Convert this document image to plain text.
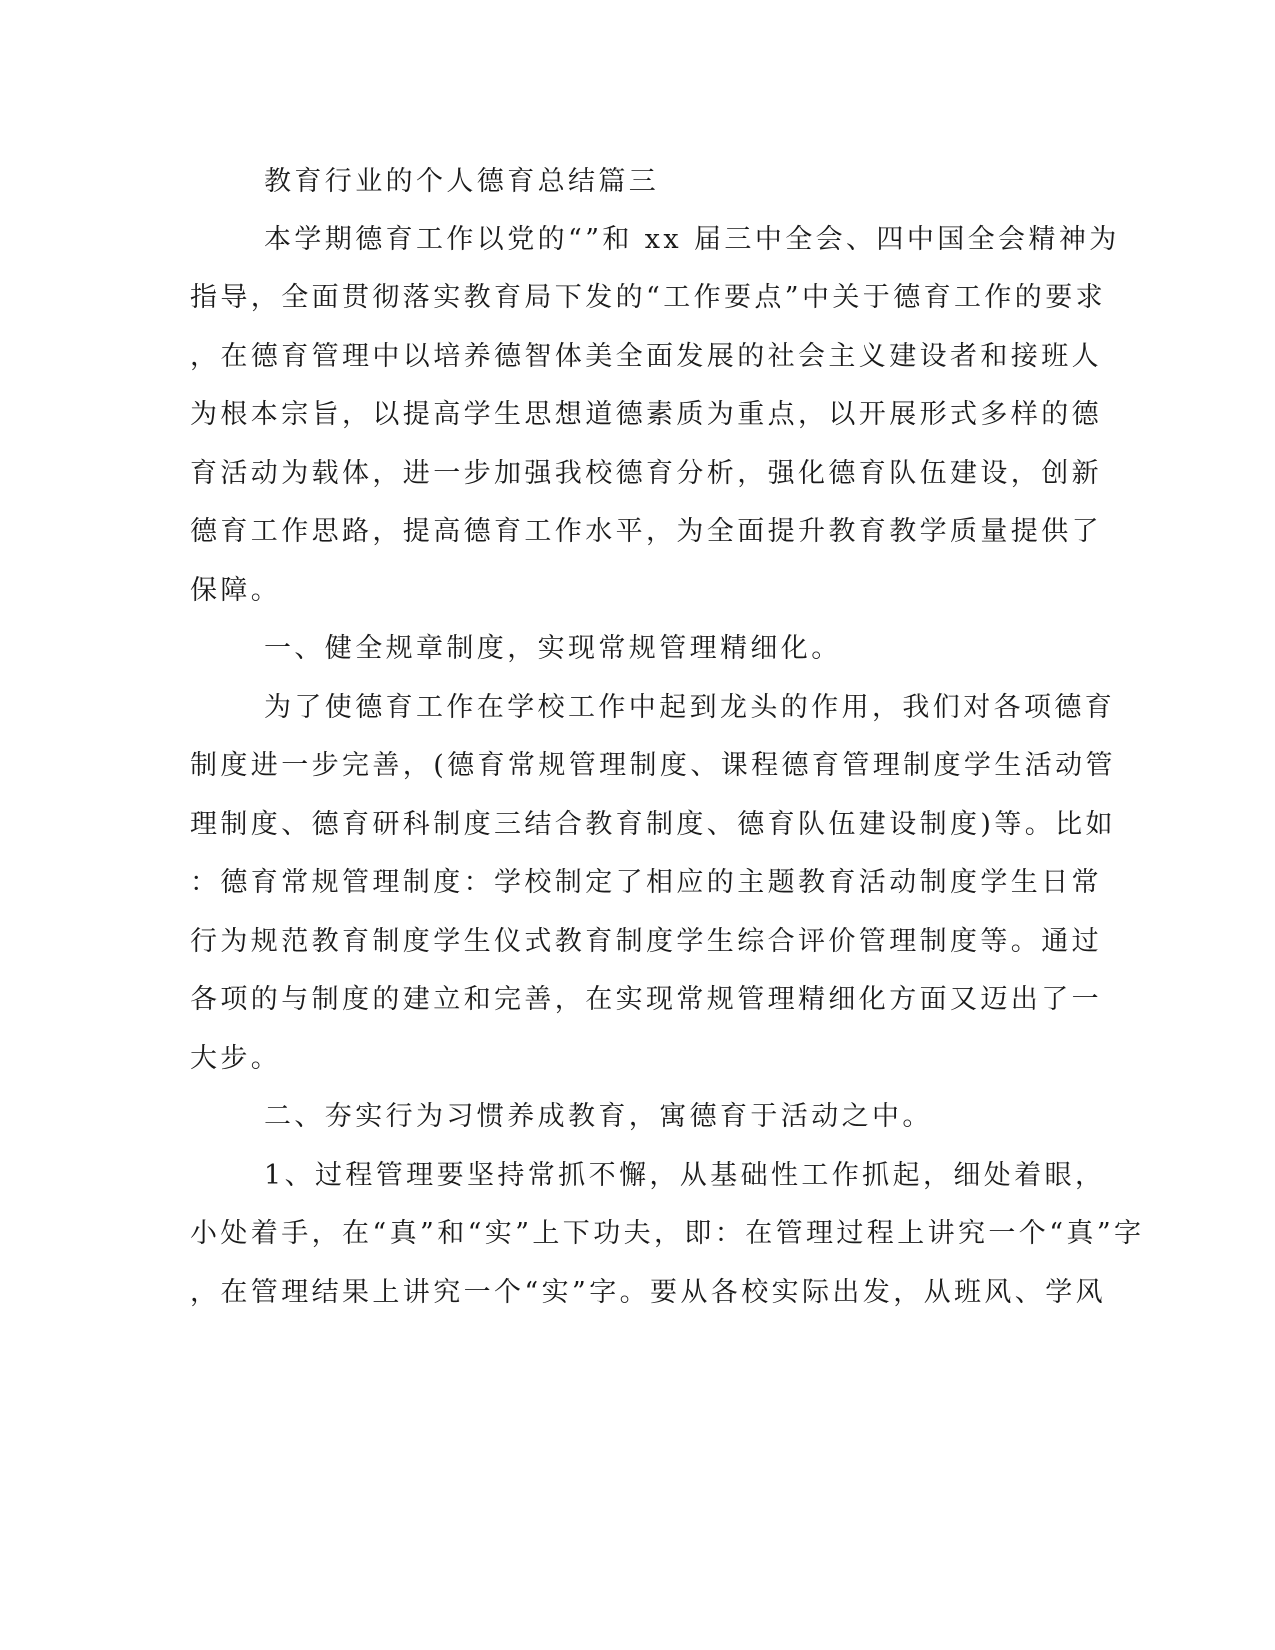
教育行业的个人德育总结篇三

本学期德育工作以党的“”和 xx 届三中全会、四中国全会精神为

指导，全面贯彻落实教育局下发的“工作要点”中关于德育工作的要求

，在德育管理中以培养德智体美全面发展的社会主义建设者和接班人

为根本宗旨，以提高学生思想道德素质为重点，以开展形式多样的德

育活动为载体，进一步加强我校德育分析，强化德育队伍建设，创新

德育工作思路，提高德育工作水平，为全面提升教育教学质量提供了

保障。

一、健全规章制度，实现常规管理精细化。

为了使德育工作在学校工作中起到龙头的作用，我们对各项德育

制度进一步完善，(德育常规管理制度、课程德育管理制度学生活动管

理制度、德育研科制度三结合教育制度、德育队伍建设制度)等。比如

：德育常规管理制度：学校制定了相应的主题教育活动制度学生日常

行为规范教育制度学生仪式教育制度学生综合评价管理制度等。通过

各项的与制度的建立和完善，在实现常规管理精细化方面又迈出了一

大步。

二、夯实行为习惯养成教育，寓德育于活动之中。

1、过程管理要坚持常抓不懈，从基础性工作抓起，细处着眼，

小处着手，在“真”和“实”上下功夫，即：在管理过程上讲究一个“真”字

，在管理结果上讲究一个“实”字。要从各校实际出发，从班风、学风
